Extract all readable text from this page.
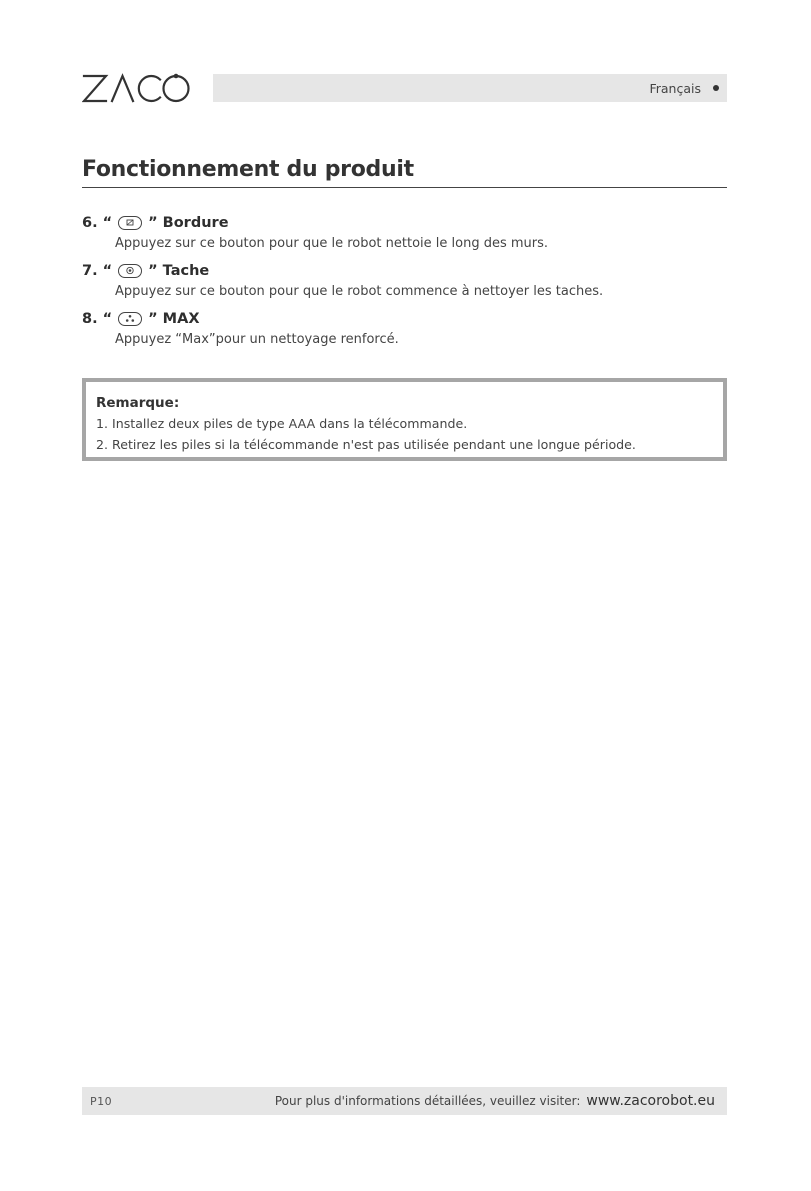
Français
Fonctionnement du produit
6. “ ” Bordure
Appuyez sur ce bouton pour que le robot nettoie le long des murs.
7. “ ” Tache
Appuyez sur ce bouton pour que le robot commence à nettoyer les taches.
8. “ ” MAX
Appuyez “Max”pour un nettoyage renforcé.
Remarque:
1. Installez deux piles de type AAA dans la télécommande.
2. Retirez les piles si la télécommande n'est pas utilisée pendant une longue période.
P10	Pour plus d'informations détaillées, veuillez visiter: www.zacorobot.eu
